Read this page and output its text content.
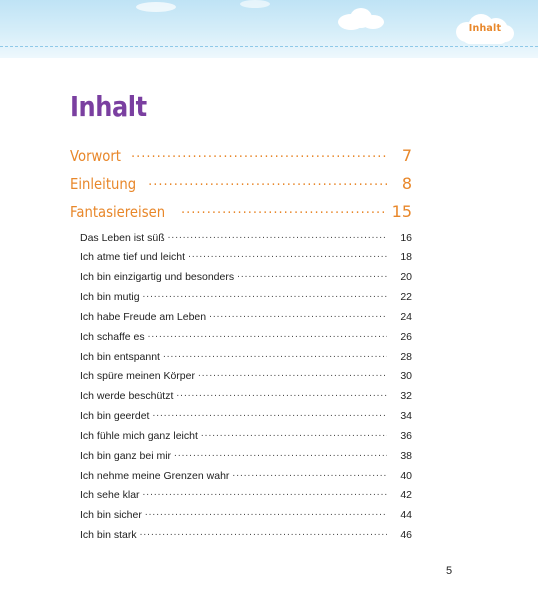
Inhalt
Inhalt
Vorwort .....	7
Einleitung .....	8
Fantasiereisen .....	15
Das Leben ist süß .....	16
Ich atme tief und leicht .....	18
Ich bin einzigartig und besonders .....	20
Ich bin mutig .....	22
Ich habe Freude am Leben .....	24
Ich schaffe es .....	26
Ich bin entspannt .....	28
Ich spüre meinen Körper .....	30
Ich werde beschützt .....	32
Ich bin geerdet .....	34
Ich fühle mich ganz leicht .....	36
Ich bin ganz bei mir .....	38
Ich nehme meine Grenzen wahr .....	40
Ich sehe klar .....	42
Ich bin sicher .....	44
Ich bin stark .....	46
5
